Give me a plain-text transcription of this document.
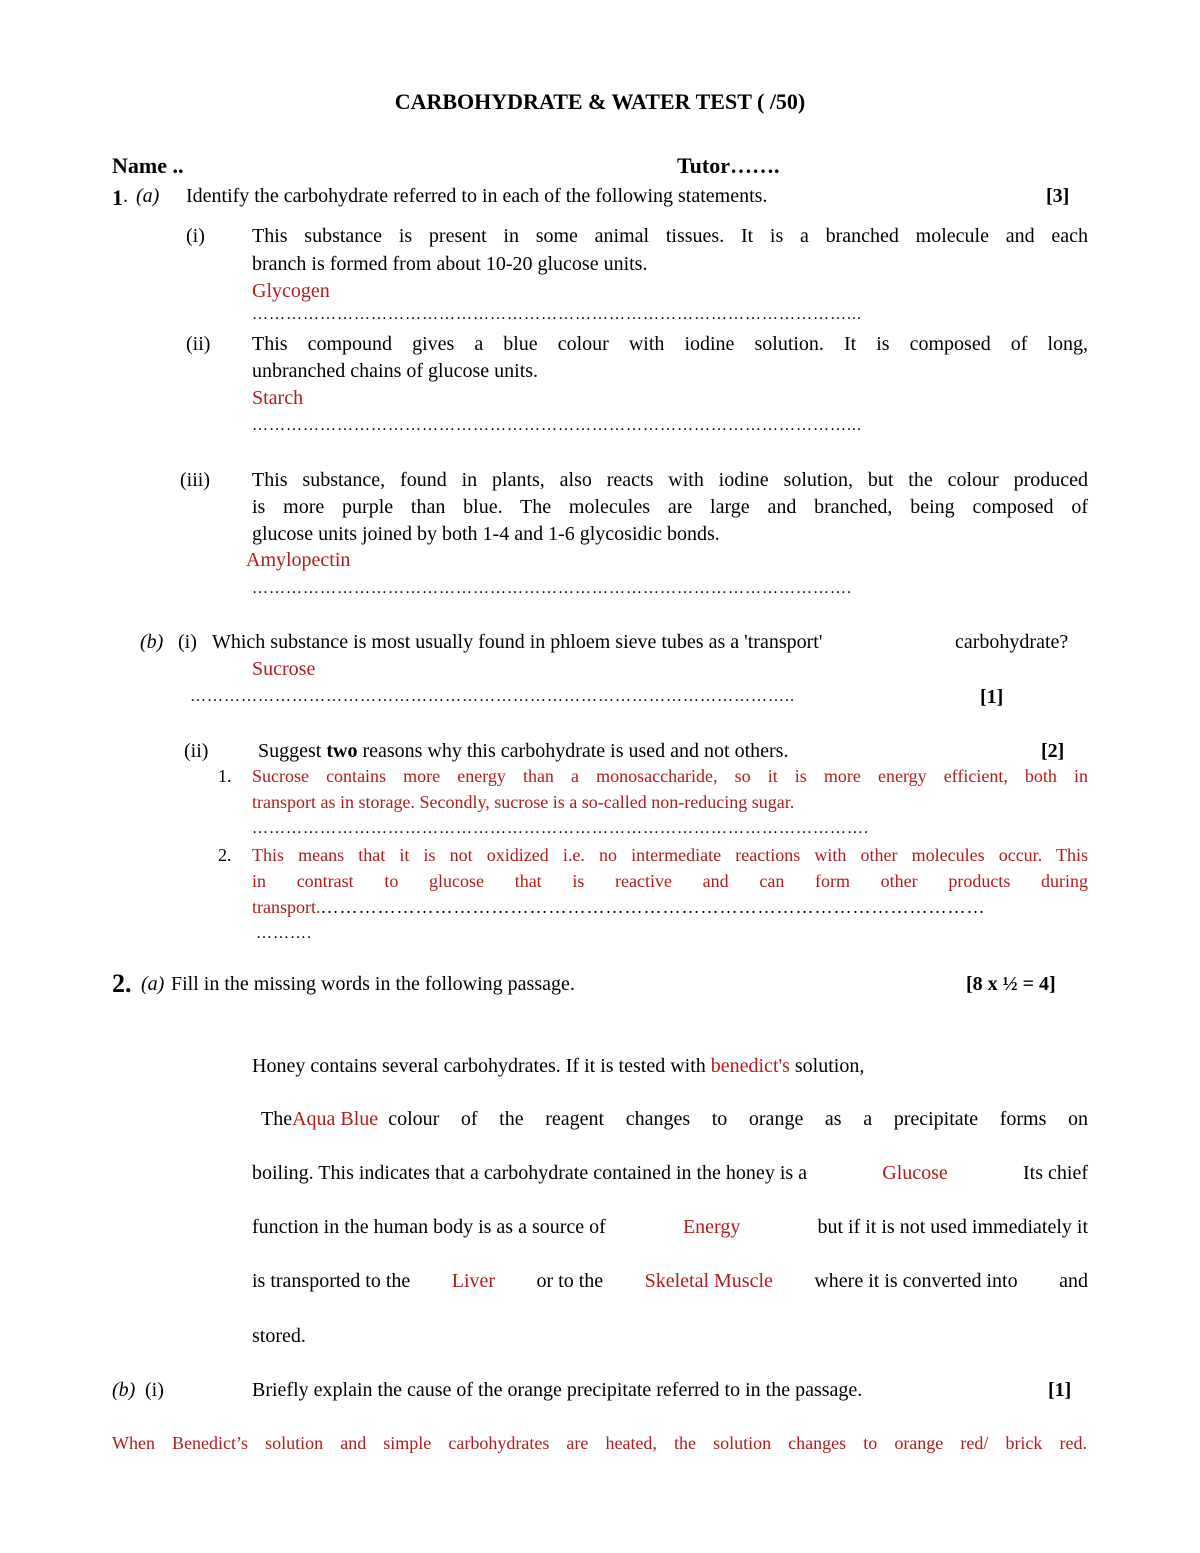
CARBOHYDRATE & WATER TEST ( /50)
Name ..	Tutor…….
1 . (a) Identify the carbohydrate referred to in each of the following statements.	[3]
(i) This substance is present in some animal tissues. It is a branched molecule and each
branch is formed from about 10-20 glucose units.
Glycogen
……………………………………………………………………………………………...
(ii) This compound gives a blue colour with iodine solution. It is composed of long,
unbranched chains of glucose units.
Starch
……………………………………………………………………………………………...
(iii) This substance, found in plants, also reacts with iodine solution, but the colour produced
is more purple than blue. The molecules are large and branched, being composed of
glucose units joined by both 1-4 and 1-6 glycosidic bonds.
Amylopectin
…………………………………………………………………………………………….
(b) (i) Which substance is most usually found in phloem sieve tubes as a 'transport'	carbohydrate?
Sucrose
……………………………………………………………………………………………..	[1]
(ii) Suggest two reasons why this carbohydrate is used and not others.	[2]
1. Sucrose contains more energy than a monosaccharide, so it is more energy efficient, both in
transport as in storage. Secondly, sucrose is a so-called non-reducing sugar.
……………………………………………………………………………………………….
2. This means that it is not oxidized i.e. no intermediate reactions with other molecules occur. This
in contrast to glucose that is reactive and can form other products during
transport.……………………………………………………………………………………………
……….
2. (a) Fill in the missing words in the following passage.	[8 x ½ = 4]
Honey contains several carbohydrates. If it is tested with benedict's solution,
The Aqua Blue colour of the reagent changes to orange as a precipitate forms on
boiling. This indicates that a carbohydrate contained in the honey is a	Glucose	Its chief
function in the human body is as a source of	Energy	but if it is not used immediately it
is transported to the Liver or to the Skeletal Muscle where it is converted into and
stored.
(b) (i)	Briefly explain the cause of the orange precipitate referred to in the passage.	[1]
When Benedict’s solution and simple carbohydrates are heated, the solution changes to orange red/ brick red.
